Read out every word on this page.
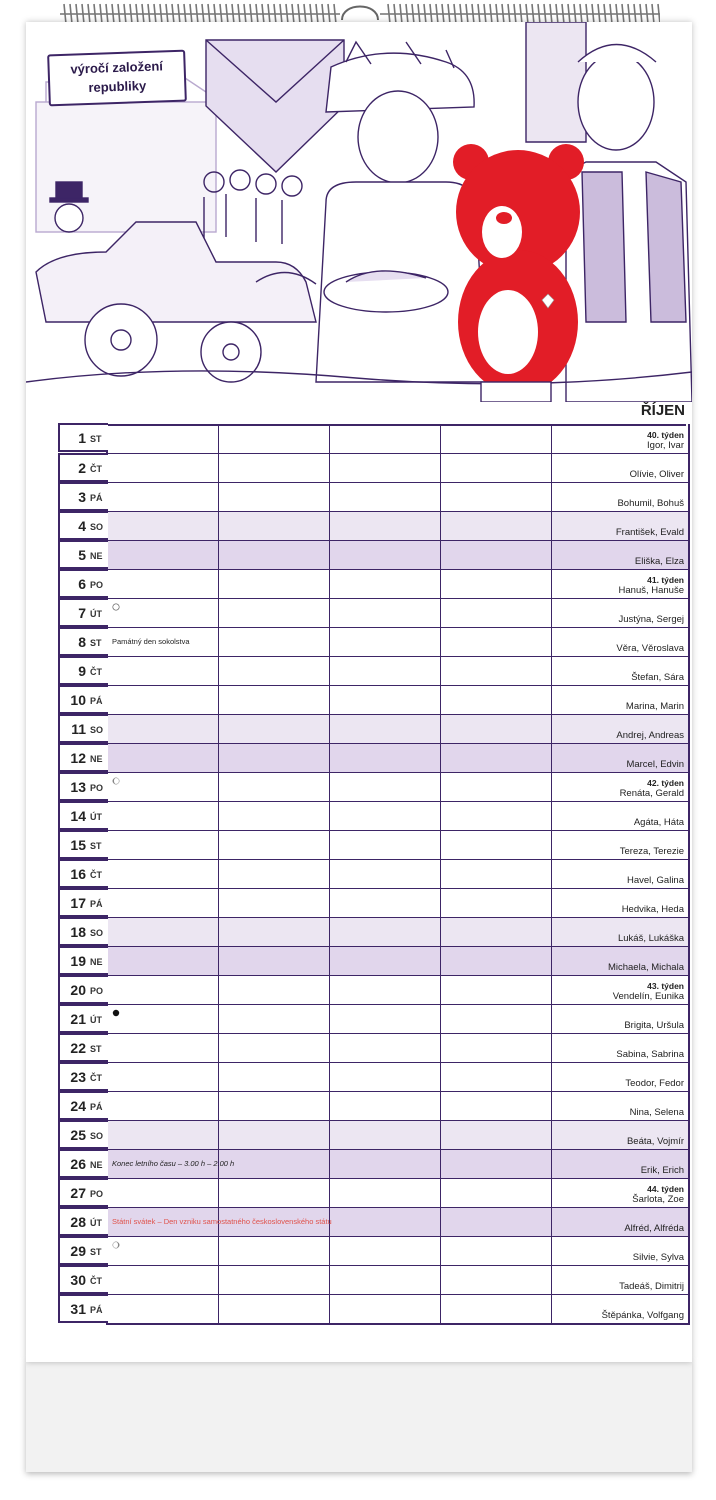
výročí založení
republiky
ŘÍJEN
1 ST	40. týden
Igor, Ivar
2 ČT	Olívie, Oliver
3 PÁ	Bohumil, Bohuš
4 SO	František, Evald
5 NE	Eliška, Elza
6 PO	41. týden
Hanuš, Hanuše
7 ÚT	Justýna, Sergej
8 ST Památný den sokolstva
Věra, Věroslava
9 ČT	Štefan, Sára
10 PÁ	Marina, Marin
11 SO	Andrej, Andreas
12 NE	Marcel, Edvin
13 PO	42. týden
Renáta, Gerald
14 ÚT	Agáta, Háta
15 ST	Tereza, Terezie
16 ČT	Havel, Galina
17 PÁ	Hedvika, Heda
18 SO	Lukáš, Lukáška
19 NE	Michaela, Michala
20 PO	43. týden
Vendelín, Eunika
21 ÚT	Brigita, Uršula
22 ST	Sabina, Sabrina
23 ČT	Teodor, Fedor
24 PÁ	Nina, Selena
25 SO	Beáta, Vojmír
26 NE Konec letního času – 3.00 h – 2.00 h
Erik, Erich
27 PO	44. týden
Šarlota, Zoe
28 ÚT Státní svátek – Den vzniku samostatného československého státu
Alfréd, Alfréda
29 ST	Silvie, Sylva
30 ČT	Tadeáš, Dimitrij
31 PÁ	Štěpánka, Volfgang
